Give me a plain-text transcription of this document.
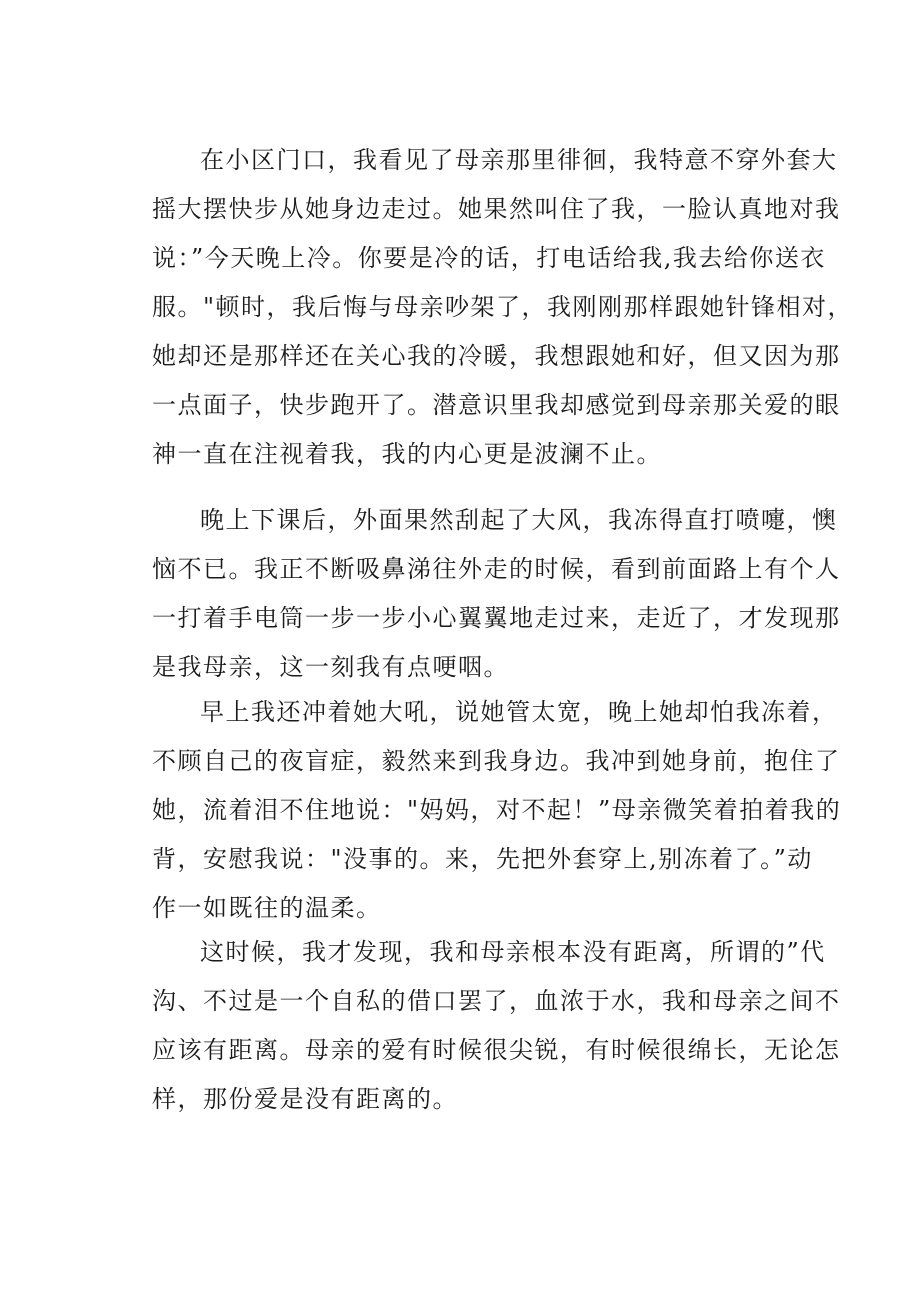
在小区门口，我看见了母亲那里徘徊，我特意不穿外套大
摇大摆快步从她身边走过。她果然叫住了我，一脸认真地对我
说：”今天晚上冷。你要是冷的话，打电话给我,我去给你送衣
服。"顿时，我后悔与母亲吵架了，我刚刚那样跟她针锋相对，
她却还是那样还在关心我的冷暖，我想跟她和好，但又因为那
一点面子，快步跑开了。潜意识里我却感觉到母亲那关爱的眼
神一直在注视着我，我的内心更是波澜不止。
晚上下课后，外面果然刮起了大风，我冻得直打喷嚏，懊
恼不已。我正不断吸鼻涕往外走的时候，看到前面路上有个人
一打着手电筒一步一步小心翼翼地走过来，走近了，才发现那
是我母亲，这一刻我有点哽咽。
早上我还冲着她大吼，说她管太宽，晚上她却怕我冻着，
不顾自己的夜盲症，毅然来到我身边。我冲到她身前，抱住了
她，流着泪不住地说："妈妈，对不起！”母亲微笑着拍着我的
背，安慰我说："没事的。来，先把外套穿上,别冻着了。”动
作一如既往的温柔。
这时候，我才发现，我和母亲根本没有距离，所谓的”代
沟、不过是一个自私的借口罢了，血浓于水，我和母亲之间不
应该有距离。母亲的爱有时候很尖锐，有时候很绵长，无论怎
样，那份爱是没有距离的。
